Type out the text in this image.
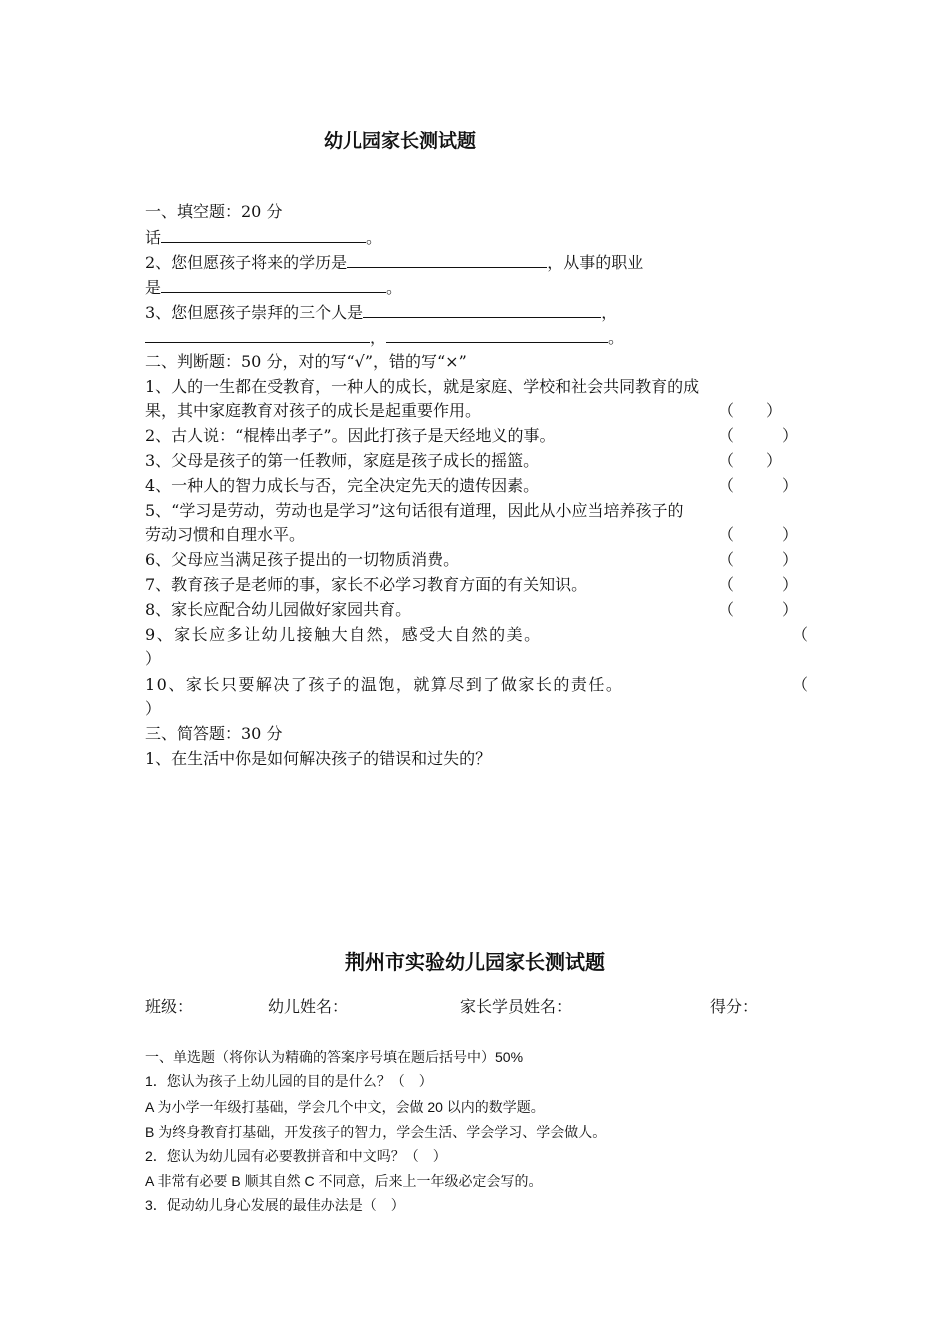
幼儿园家长测试题
一、填空题：20 分
话	。
2、您但愿孩子将来的学历是	，从事的职业
是	。
3、您但愿孩子崇拜的三个人是	，
，	。
二、判断题：50 分，对的写“√”，错的写“×”
1、人的一生都在受教育，一种人的成长，就是家庭、学校和社会共同教育的成
果，其中家庭教育对孩子的成长是起重要作用。	（　　）
2、古人说：“棍棒出孝子”。因此打孩子是天经地义的事。	（　　　）
3、父母是孩子的第一任教师，家庭是孩子成长的摇篮。	（　　）
4、一种人的智力成长与否，完全决定先天的遗传因素。	（　　　）
5、“学习是劳动，劳动也是学习”这句话很有道理，因此从小应当培养孩子的
劳动习惯和自理水平。	（　　　）
6、父母应当满足孩子提出的一切物质消费。	（　　　）
7、教育孩子是老师的事，家长不必学习教育方面的有关知识。	（　　　）
8、家长应配合幼儿园做好家园共育。	（　　　）
9、家长应多让幼儿接触大自然，感受大自然的美。	（
）
10、家长只要解决了孩子的温饱，就算尽到了做家长的责任。	（
）
三、简答题：30 分
1、在生活中你是如何解决孩子的错误和过失的？
荆州市实验幼儿园家长测试题
班级：	幼儿姓名：	家长学员姓名：	得分：
一、单选题（将你认为精确的答案序号填在题后括号中）50%
1．您认为孩子上幼儿园的目的是什么？（　）
A 为小学一年级打基础，学会几个中文，会做 20 以内的数学题。
B 为终身教育打基础，开发孩子的智力，学会生活、学会学习、学会做人。
2．您认为幼儿园有必要教拼音和中文吗？（　）
A 非常有必要 B 顺其自然 C 不同意，后来上一年级必定会写的。
3．促动幼儿身心发展的最佳办法是（　）
